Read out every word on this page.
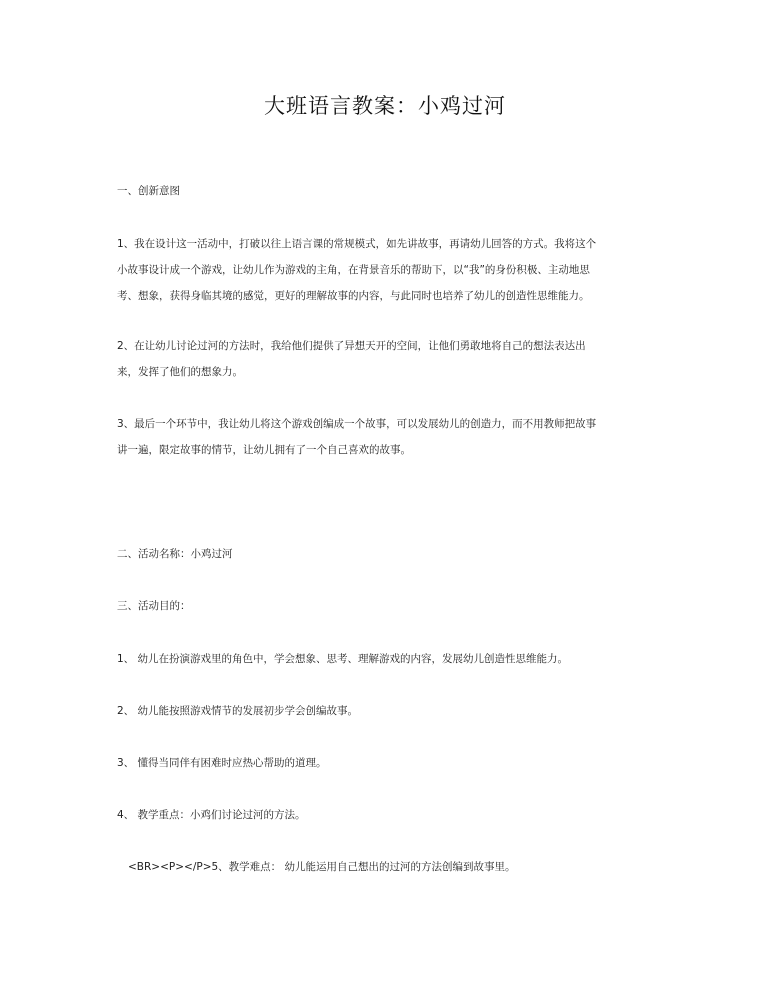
大班语言教案：小鸡过河
一、创新意图
1、我在设计这一活动中，打破以往上语言课的常规模式，如先讲故事，再请幼儿回答的方式。我将这个
小故事设计成一个游戏，让幼儿作为游戏的主角，在背景音乐的帮助下，以“我”的身份积极、主动地思
考、想象，获得身临其境的感觉，更好的理解故事的内容，与此同时也培养了幼儿的创造性思维能力。
2、在让幼儿讨论过河的方法时，我给他们提供了异想天开的空间，让他们勇敢地将自己的想法表达出
来，发挥了他们的想象力。
3、最后一个环节中，我让幼儿将这个游戏创编成一个故事，可以发展幼儿的创造力，而不用教师把故事
讲一遍，限定故事的情节，让幼儿拥有了一个自己喜欢的故事。
二、活动名称：小鸡过河
三、活动目的：
1、 幼儿在扮演游戏里的角色中，学会想象、思考、理解游戏的内容，发展幼儿创造性思维能力。
2、 幼儿能按照游戏情节的发展初步学会创编故事。
3、 懂得当同伴有困难时应热心帮助的道理。
4、 教学重点：小鸡们讨论过河的方法。
<BR><P></P>5、教学难点： 幼儿能运用自己想出的过河的方法创编到故事里。
